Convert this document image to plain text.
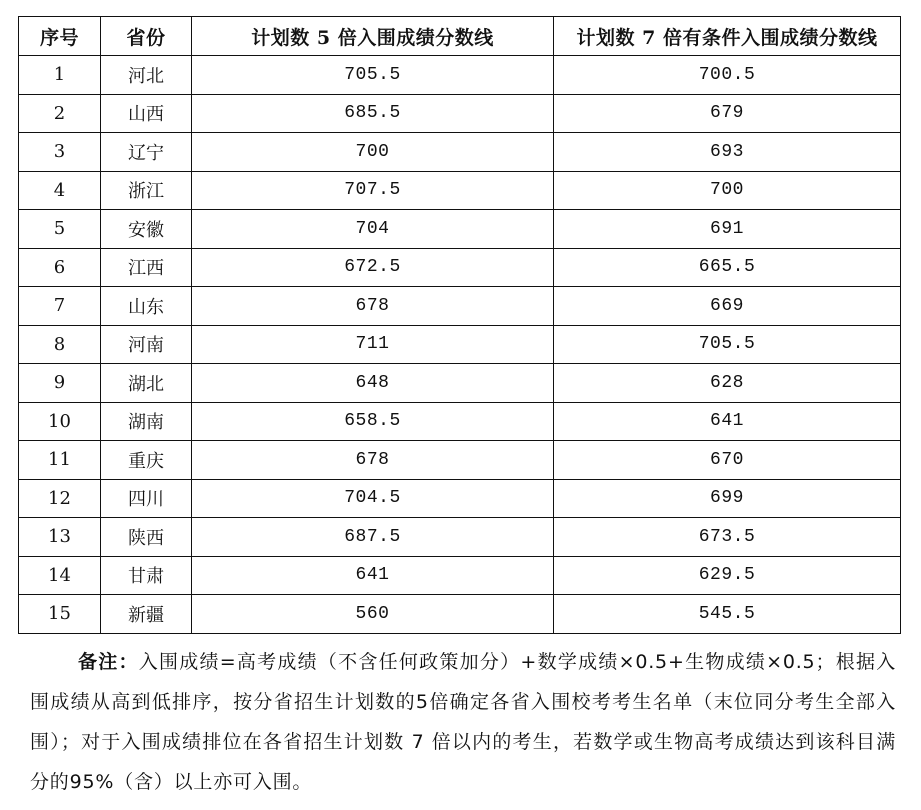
序号	省份	计划数 5 倍入围成绩分数线	计划数 7 倍有条件入围成绩分数线
1	河北	705.5	700.5
2	山西	685.5	679
3	辽宁	700	693
4	浙江	707.5	700
5	安徽	704	691
6	江西	672.5	665.5
7	山东	678	669
8	河南	711	705.5
9	湖北	648	628
10	湖南	658.5	641
11	重庆	678	670
12	四川	704.5	699
13	陕西	687.5	673.5
14	甘肃	641	629.5
15	新疆	560	545.5
备注：入围成绩=高考成绩（不含任何政策加分）+数学成绩×0.5+生物成绩×0.5；根据入围成绩从高到低排序，按分省招生计划数的5倍确定各省入围校考考生名单（末位同分考生全部入围）；对于入围成绩排位在各省招生计划数 7 倍以内的考生，若数学或生物高考成绩达到该科目满分的95%（含）以上亦可入围。
